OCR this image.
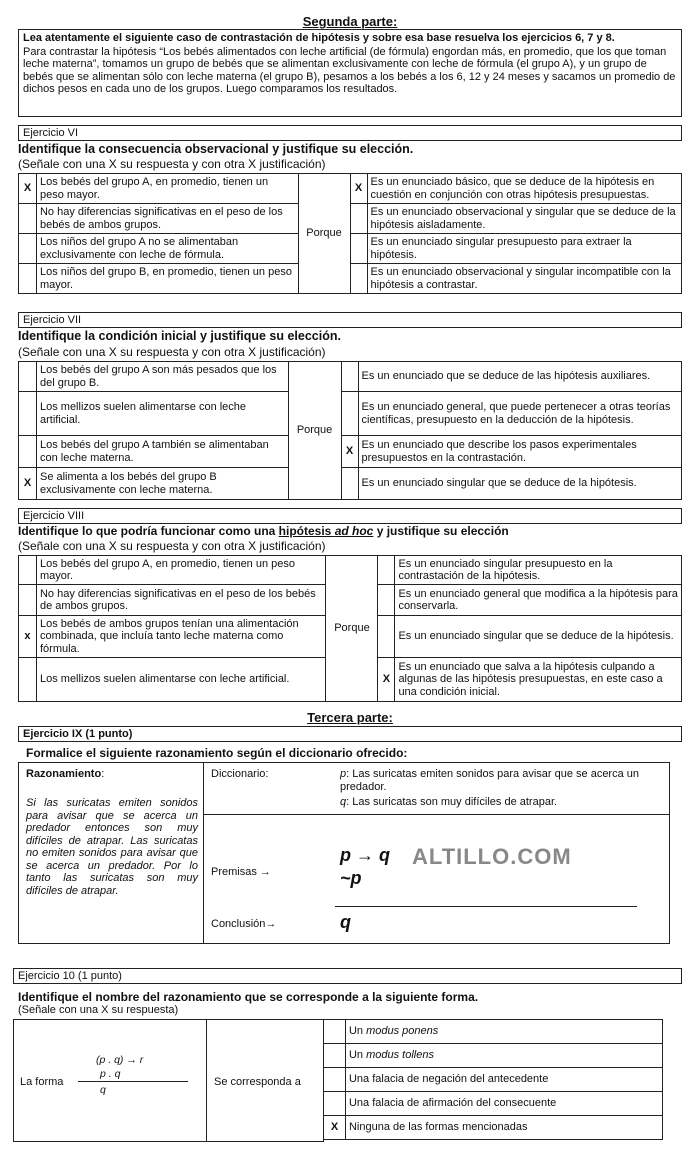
Segunda parte:
Lea atentamente el siguiente caso de contrastación de hipótesis y sobre esa base resuelva los ejercicios 6, 7 y 8.
Para contrastar la hipótesis “Los bebés alimentados con leche artificial (de fórmula) engordan más, en promedio, que los que toman leche materna”, tomamos un grupo de bebés que se alimentan exclusivamente con leche de fórmula (el grupo A), y un grupo de bebés que se alimentan sólo con leche materna (el grupo B), pesamos a los bebés a los 6, 12 y 24 meses y sacamos un promedio de dichos pesos en cada uno de los grupos. Luego comparamos los resultados.
Ejercicio VI
Identifique la consecuencia observacional y justifique su elección.
(Señale con una X su respuesta y con otra X justificación)
X	Los bebés del grupo A, en promedio, tienen un peso mayor.	Porque	X	Es un enunciado básico, que se deduce de la hipótesis en cuestión en conjunción con otras hipótesis presupuestas.
	No hay diferencias significativas en el peso de los bebés de ambos grupos.			Es un enunciado observacional y singular que se deduce de la hipótesis aisladamente.
	Los niños del grupo A no se alimentaban exclusivamente con leche de fórmula.			Es un enunciado singular presupuesto para extraer la hipótesis.
	Los niños del grupo B, en promedio, tienen un peso mayor.			Es un enunciado observacional y singular incompatible con la hipótesis a contrastar.
Ejercicio VII
Identifique la condición inicial y justifique su elección.
(Señale con una X su respuesta y con otra X justificación)
	Los bebés del grupo A son más pesados que los del grupo B.	Porque		Es un enunciado que se deduce de las hipótesis auxiliares.
	Los mellizos suelen alimentarse con leche artificial.			Es un enunciado general, que puede pertenecer a otras teorías científicas, presupuesto en la deducción de la hipótesis.
	Los bebés del grupo A también se alimentaban con leche materna.		X	Es un enunciado que describe los pasos experimentales presupuestos en la contrastación.
X	Se alimenta a los bebés del grupo B exclusivamente con leche materna.			Es un enunciado singular que se deduce de la hipótesis.
Ejercicio VIII
Identifique lo que podría funcionar como una hipótesis ad hoc y justifique su elección
(Señale con una X su respuesta y con otra X justificación)
	Los bebés del grupo A, en promedio, tienen un peso mayor.	Porque		Es un enunciado singular presupuesto en la contrastación de la hipótesis.
	No hay diferencias significativas en el peso de los bebés de ambos grupos.			Es un enunciado general que modifica a la hipótesis para conservarla.
x	Los bebés de ambos grupos tenían una alimentación combinada, que incluía tanto leche materna como fórmula.			Es un enunciado singular que se deduce de la hipótesis.
	Los mellizos suelen alimentarse con leche artificial.		X	Es un enunciado que salva a la hipótesis culpando a algunas de las hipótesis presupuestas, en este caso a una condición inicial.
Tercera parte:
Ejercicio IX (1 punto)
Formalice el siguiente razonamiento según el diccionario ofrecido:
Razonamiento:
Si las suricatas emiten sonidos para avisar que se acerca un predador entonces son muy difíciles de atrapar. Las suricatas no emiten sonidos para avisar que se acerca un predador. Por lo tanto las suricatas son muy difíciles de atrapar.
Diccionario:	p: Las suricatas emiten sonidos para avisar que se acerca un predador.
q: Las suricatas son muy difíciles de atrapar.
Premisas →
p → q
~p
ALTILLO.COM
Conclusión→	q
Ejercicio 10 (1 punto)
Identifique el nombre del razonamiento que se corresponde a la siguiente forma.
(Señale con una X su respuesta)
La forma
(p . q) → r
p . q
q
Se corresponda a
	Un modus ponens
	Un modus tollens
	Una falacia de negación del antecedente
	Una falacia de afirmación del consecuente
X	Ninguna de las formas mencionadas
